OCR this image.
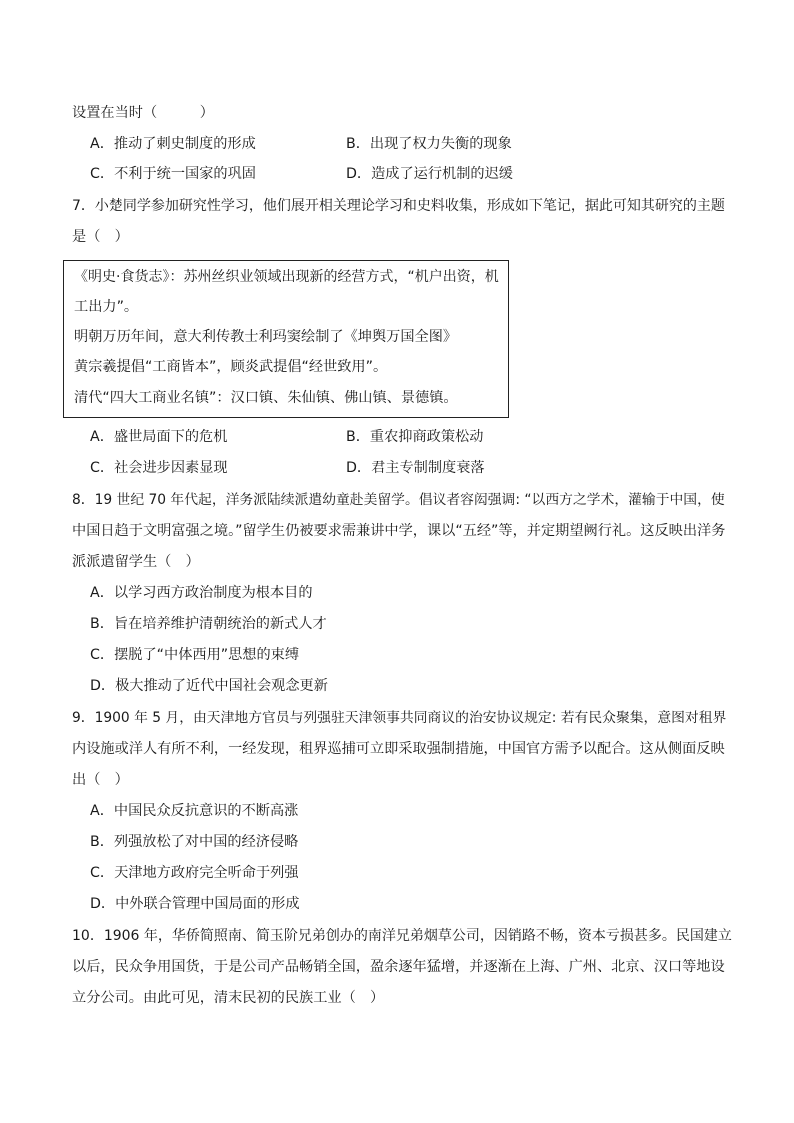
设置在当时（　　　）
A．推动了刺史制度的形成	B．出现了权力失衡的现象
C．不利于统一国家的巩固	D．造成了运行机制的迟缓
7．小楚同学参加研究性学习，他们展开相关理论学习和史料收集，形成如下笔记，据此可知其研究的主题
是（　）
《明史·食货志》：苏州丝织业领域出现新的经营方式，“机户出资，机
工出力”。
明朝万历年间，意大利传教士利玛窦绘制了《坤舆万国全图》
黄宗羲提倡“工商皆本”，顾炎武提倡“经世致用”。
清代“四大工商业名镇”：汉口镇、朱仙镇、佛山镇、景德镇。
A．盛世局面下的危机	B．重农抑商政策松动
C．社会进步因素显现	D．君主专制制度衰落
8．19 世纪 70 年代起，洋务派陆续派遣幼童赴美留学。倡议者容闳强调: “以西方之学术，灌输于中国，使
中国日趋于文明富强之境。”留学生仍被要求需兼讲中学，课以“五经”等，并定期望阙行礼。这反映出洋务
派派遣留学生（　）
A．以学习西方政治制度为根本目的
B．旨在培养维护清朝统治的新式人才
C．摆脱了“中体西用”思想的束缚
D．极大推动了近代中国社会观念更新
9．1900 年 5 月，由天津地方官员与列强驻天津领事共同商议的治安协议规定: 若有民众聚集，意图对租界
内设施或洋人有所不利，一经发现，租界巡捕可立即采取强制措施，中国官方需予以配合。这从侧面反映
出（　）
A．中国民众反抗意识的不断高涨
B．列强放松了对中国的经济侵略
C．天津地方政府完全听命于列强
D．中外联合管理中国局面的形成
10．1906 年，华侨简照南、简玉阶兄弟创办的南洋兄弟烟草公司，因销路不畅，资本亏损甚多。民国建立
以后，民众争用国货，于是公司产品畅销全国，盈余逐年猛增，并逐渐在上海、广州、北京、汉口等地设
立分公司。由此可见，清末民初的民族工业（　）
